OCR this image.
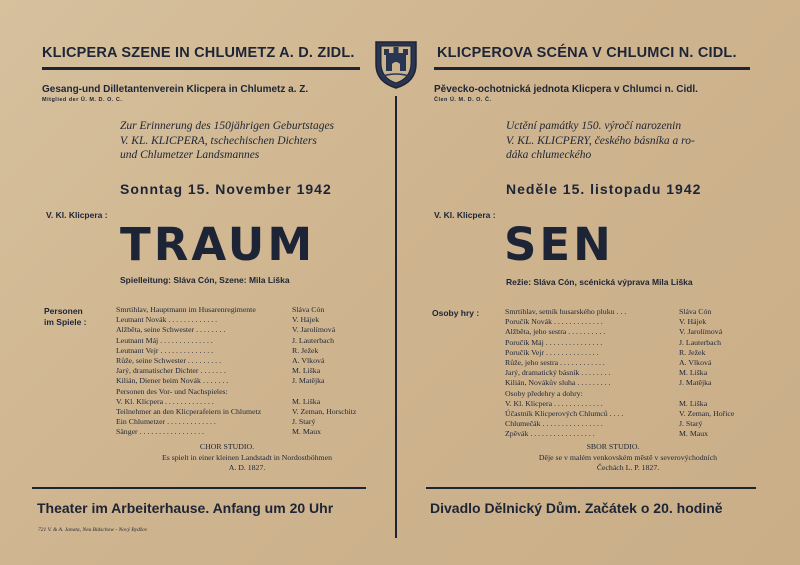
KLICPERA SZENE IN CHLUMETZ A. D. ZIDL.	KLICPEROVA SCÉNA V CHLUMCI N. CIDL.
Gesang-und Dilletantenverein Klicpera in Chlumetz a. Z.
Mitglied der Ü. M. D. O. C.
Pěvecko-ochotnická jednota Klicpera v Chlumci n. Cidl.
Člen Ú. M. D. O. Č.
Zur Erinnerung des 150jährigen Geburtstages
V. KL. KLICPERA, tschechischen Dichters
und Chlumetzer Landsmannes
Uctění památky 150. výročí narozenin
V. KL. KLICPERY, českého básníka a ro-
dáka chlumeckého
Sonntag 15. November 1942	Neděle 15. listopadu 1942
V. Kl. Klicpera :	V. Kl. Klicpera :
TRAUM	SEN
Spielleitung: Sláva Cón, Szene: Mila Liška	Režie: Sláva Cón, scénická výprava Mila Liška
Personen
im Spiele :
Osoby hry :
Smrtihlav, Hauptmann im Husarenregimente	Sláva Cón
Leutnant Novák . . . . . . . . . . . . .	V. Hájek
Alžběta, seine Schwester . . . . . . . .	V. Jarolímová
Leutnant Máj . . . . . . . . . . . . . .	J. Lauterbach
Leutnant Vejr . . . . . . . . . . . . . .	R. Ježek
Růže, seine Schwester . . . . . . . . .	A. Vlková
Jarý, dramatischer Dichter . . . . . . .	M. Liška
Kilián, Diener beim Novák . . . . . . .	J. Matějka
Personen des Vor- und Nachspieles:
V. Kl. Klicpera . . . . . . . . . . . . .	M. Liška
Teilnehmer an den Klicperafeiern in Chlumetz	V. Zeman, Horschitz
Ein Chlumetzer . . . . . . . . . . . . .	J. Starý
Sänger . . . . . . . . . . . . . . . . .	M. Maux
CHOR STUDIO.
Es spielt in einer kleinen Landstadt in Nordostböhmen
A. D. 1827.
Smrtihlav, setník husarského pluku . . .	Sláva Cón
Poručík Novák . . . . . . . . . . . . .	V. Hájek
Alžběta, jeho sestra . . . . . . . . . .	V. Jarolímová
Poručík Máj . . . . . . . . . . . . . . .	J. Lauterbach
Poručík Vejr . . . . . . . . . . . . . .	R. Ježek
Růže, jeho sestra . . . . . . . . . . . .	A. Vlková
Jarý, dramatický básník . . . . . . . .	M. Liška
Kilián, Novákův sluha . . . . . . . . .	J. Matějka
Osoby předehry a dohry:
V. Kl. Klicpera . . . . . . . . . . . . .	M. Liška
Účastník Klicperových Chlumců . . . .	V. Zeman, Hořice
Chlumečák . . . . . . . . . . . . . . . .	J. Starý
Zpěvák . . . . . . . . . . . . . . . . .	M. Maux
SBOR STUDIO.
Děje se v malém venkovském městě v severovýchodních
Čechách L. P. 1827.
Theater im Arbeiterhause. Anfang um 20 Uhr	Divadlo Dělnický Dům. Začátek o 20. hodině
721 V. & A. Janata, Neu Bidschow - Nový Bydžov
